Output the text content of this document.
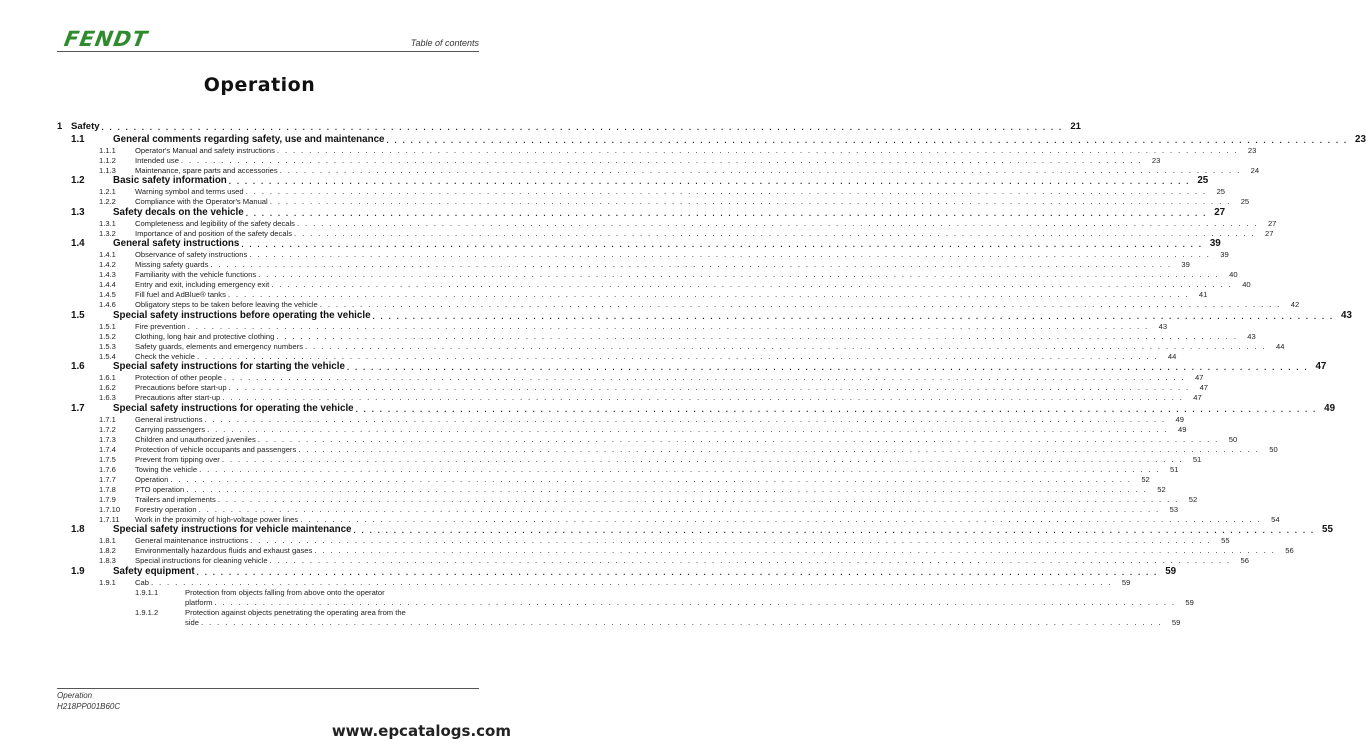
FENDT	Table of contents
Operation
1 Safety . . . . . . . . . . . . . . . . . . . . . . . . . . . . . . . . . . . . . . . . . . . . . . . . . . . . . . . . . . . . . . . . . . . . . . . . . . . . . . . . . . . . . . . . . . . . . . . . . . . . . . . . . . . . . . . . . . . . . . . . 21
1.1	General comments regarding safety, use and maintenance . . . . . . . . . . . . . . . . . . . . . . . . . . . . . . . . . . . . . . . . . . . . . . . . . . . . . . . . . . . . . . . . . . . . . . . . . . . . . . . . . . . . . . . . . . . . . . . . . . . . . . . . . . . . . . . . . . . . . . . . 23
1.1.1	Operator's Manual and safety instructions . . . . . . . . . . . . . . . . . . . . . . . . . . . . . . . . . . . . . . . . . . . . . . . . . . . . . . . . . . . . . . . . . . . . . . . . . . . . . . . . . . . . . . . . . . . . . . . . . . . . . . . . . . . . . . . . . . . . . . . .	23
1.1.2	Intended use . . . . . . . . . . . . . . . . . . . . . . . . . . . . . . . . . . . . . . . . . . . . . . . . . . . . . . . . . . . . . . . . . . . . . . . . . . . . . . . . . . . . . . . . . . . . . . . . . . . . . . . . . . . . . . . . . . . . . . . .	23
1.1.3	Maintenance, spare parts and accessories . . . . . . . . . . . . . . . . . . . . . . . . . . . . . . . . . . . . . . . . . . . . . . . . . . . . . . . . . . . . . . . . . . . . . . . . . . . . . . . . . . . . . . . . . . . . . . . . . . . . . . . . . . . . . . . . . . . . . . . .	24
1.2	Basic safety information . . . . . . . . . . . . . . . . . . . . . . . . . . . . . . . . . . . . . . . . . . . . . . . . . . . . . . . . . . . . . . . . . . . . . . . . . . . . . . . . . . . . . . . . . . . . . . . . . . . . . . . . . . . . . . . . . . . . . . . . 25
1.2.1	Warning symbol and terms used . . . . . . . . . . . . . . . . . . . . . . . . . . . . . . . . . . . . . . . . . . . . . . . . . . . . . . . . . . . . . . . . . . . . . . . . . . . . . . . . . . . . . . . . . . . . . . . . . . . . . . . . . . . . . . . . . . . . . . . .	25
1.2.2	Compliance with the Operator's Manual . . . . . . . . . . . . . . . . . . . . . . . . . . . . . . . . . . . . . . . . . . . . . . . . . . . . . . . . . . . . . . . . . . . . . . . . . . . . . . . . . . . . . . . . . . . . . . . . . . . . . . . . . . . . . . . . . . . . . . . .	25
1.3	Safety decals on the vehicle . . . . . . . . . . . . . . . . . . . . . . . . . . . . . . . . . . . . . . . . . . . . . . . . . . . . . . . . . . . . . . . . . . . . . . . . . . . . . . . . . . . . . . . . . . . . . . . . . . . . . . . . . . . . . . . . . . . . . . . . 27
1.3.1	Completeness and legibility of the safety decals . . . . . . . . . . . . . . . . . . . . . . . . . . . . . . . . . . . . . . . . . . . . . . . . . . . . . . . . . . . . . . . . . . . . . . . . . . . . . . . . . . . . . . . . . . . . . . . . . . . . . . . . . . . . . . . . . . . . . . . .	27
1.3.2	Importance of and position of the safety decals . . . . . . . . . . . . . . . . . . . . . . . . . . . . . . . . . . . . . . . . . . . . . . . . . . . . . . . . . . . . . . . . . . . . . . . . . . . . . . . . . . . . . . . . . . . . . . . . . . . . . . . . . . . . . . . . . . . . . . . .	27
1.4	General safety instructions . . . . . . . . . . . . . . . . . . . . . . . . . . . . . . . . . . . . . . . . . . . . . . . . . . . . . . . . . . . . . . . . . . . . . . . . . . . . . . . . . . . . . . . . . . . . . . . . . . . . . . . . . . . . . . . . . . . . . . . . 39
1.4.1	Observance of safety instructions . . . . . . . . . . . . . . . . . . . . . . . . . . . . . . . . . . . . . . . . . . . . . . . . . . . . . . . . . . . . . . . . . . . . . . . . . . . . . . . . . . . . . . . . . . . . . . . . . . . . . . . . . . . . . . . . . . . . . . . .	39
1.4.2	Missing safety guards . . . . . . . . . . . . . . . . . . . . . . . . . . . . . . . . . . . . . . . . . . . . . . . . . . . . . . . . . . . . . . . . . . . . . . . . . . . . . . . . . . . . . . . . . . . . . . . . . . . . . . . . . . . . . . . . . . . . . . . .	39
1.4.3	Familiarity with the vehicle functions . . . . . . . . . . . . . . . . . . . . . . . . . . . . . . . . . . . . . . . . . . . . . . . . . . . . . . . . . . . . . . . . . . . . . . . . . . . . . . . . . . . . . . . . . . . . . . . . . . . . . . . . . . . . . . . . . . . . . . . .	40
1.4.4	Entry and exit, including emergency exit . . . . . . . . . . . . . . . . . . . . . . . . . . . . . . . . . . . . . . . . . . . . . . . . . . . . . . . . . . . . . . . . . . . . . . . . . . . . . . . . . . . . . . . . . . . . . . . . . . . . . . . . . . . . . . . . . . . . . . . .	40
1.4.5	Fill fuel and AdBlue® tanks . . . . . . . . . . . . . . . . . . . . . . . . . . . . . . . . . . . . . . . . . . . . . . . . . . . . . . . . . . . . . . . . . . . . . . . . . . . . . . . . . . . . . . . . . . . . . . . . . . . . . . . . . . . . . . . . . . . . . . . .	41
1.4.6	Obligatory steps to be taken before leaving the vehicle . . . . . . . . . . . . . . . . . . . . . . . . . . . . . . . . . . . . . . . . . . . . . . . . . . . . . . . . . . . . . . . . . . . . . . . . . . . . . . . . . . . . . . . . . . . . . . . . . . . . . . . . . . . . . . . . . . . . . . . .	42
1.5	Special safety instructions before operating the vehicle . . . . . . . . . . . . . . . . . . . . . . . . . . . . . . . . . . . . . . . . . . . . . . . . . . . . . . . . . . . . . . . . . . . . . . . . . . . . . . . . . . . . . . . . . . . . . . . . . . . . . . . . . . . . . . . . . . . . . . . . 43
1.5.1	Fire prevention . . . . . . . . . . . . . . . . . . . . . . . . . . . . . . . . . . . . . . . . . . . . . . . . . . . . . . . . . . . . . . . . . . . . . . . . . . . . . . . . . . . . . . . . . . . . . . . . . . . . . . . . . . . . . . . . . . . . . . . .	43
1.5.2	Clothing, long hair and protective clothing . . . . . . . . . . . . . . . . . . . . . . . . . . . . . . . . . . . . . . . . . . . . . . . . . . . . . . . . . . . . . . . . . . . . . . . . . . . . . . . . . . . . . . . . . . . . . . . . . . . . . . . . . . . . . . . . . . . . . . . .	43
1.5.3	Safety guards, elements and emergency numbers . . . . . . . . . . . . . . . . . . . . . . . . . . . . . . . . . . . . . . . . . . . . . . . . . . . . . . . . . . . . . . . . . . . . . . . . . . . . . . . . . . . . . . . . . . . . . . . . . . . . . . . . . . . . . . . . . . . . . . . .	44
1.5.4	Check the vehicle . . . . . . . . . . . . . . . . . . . . . . . . . . . . . . . . . . . . . . . . . . . . . . . . . . . . . . . . . . . . . . . . . . . . . . . . . . . . . . . . . . . . . . . . . . . . . . . . . . . . . . . . . . . . . . . . . . . . . . . .	44
1.6	Special safety instructions for starting the vehicle . . . . . . . . . . . . . . . . . . . . . . . . . . . . . . . . . . . . . . . . . . . . . . . . . . . . . . . . . . . . . . . . . . . . . . . . . . . . . . . . . . . . . . . . . . . . . . . . . . . . . . . . . . . . . . . . . . . . . . . . 47
1.6.1	Protection of other people . . . . . . . . . . . . . . . . . . . . . . . . . . . . . . . . . . . . . . . . . . . . . . . . . . . . . . . . . . . . . . . . . . . . . . . . . . . . . . . . . . . . . . . . . . . . . . . . . . . . . . . . . . . . . . . . . . . . . . . .	47
1.6.2	Precautions before start-up . . . . . . . . . . . . . . . . . . . . . . . . . . . . . . . . . . . . . . . . . . . . . . . . . . . . . . . . . . . . . . . . . . . . . . . . . . . . . . . . . . . . . . . . . . . . . . . . . . . . . . . . . . . . . . . . . . . . . . . .	47
1.6.3	Precautions after start-up . . . . . . . . . . . . . . . . . . . . . . . . . . . . . . . . . . . . . . . . . . . . . . . . . . . . . . . . . . . . . . . . . . . . . . . . . . . . . . . . . . . . . . . . . . . . . . . . . . . . . . . . . . . . . . . . . . . . . . . .	47
1.7	Special safety instructions for operating the vehicle . . . . . . . . . . . . . . . . . . . . . . . . . . . . . . . . . . . . . . . . . . . . . . . . . . . . . . . . . . . . . . . . . . . . . . . . . . . . . . . . . . . . . . . . . . . . . . . . . . . . . . . . . . . . . . . . . . . . . . . . 49
1.7.1	General instructions . . . . . . . . . . . . . . . . . . . . . . . . . . . . . . . . . . . . . . . . . . . . . . . . . . . . . . . . . . . . . . . . . . . . . . . . . . . . . . . . . . . . . . . . . . . . . . . . . . . . . . . . . . . . . . . . . . . . . . . .	49
1.7.2	Carrying passengers . . . . . . . . . . . . . . . . . . . . . . . . . . . . . . . . . . . . . . . . . . . . . . . . . . . . . . . . . . . . . . . . . . . . . . . . . . . . . . . . . . . . . . . . . . . . . . . . . . . . . . . . . . . . . . . . . . . . . . . .	49
1.7.3	Children and unauthorized juveniles . . . . . . . . . . . . . . . . . . . . . . . . . . . . . . . . . . . . . . . . . . . . . . . . . . . . . . . . . . . . . . . . . . . . . . . . . . . . . . . . . . . . . . . . . . . . . . . . . . . . . . . . . . . . . . . . . . . . . . . .	50
1.7.4	Protection of vehicle occupants and passengers . . . . . . . . . . . . . . . . . . . . . . . . . . . . . . . . . . . . . . . . . . . . . . . . . . . . . . . . . . . . . . . . . . . . . . . . . . . . . . . . . . . . . . . . . . . . . . . . . . . . . . . . . . . . . . . . . . . . . . . .	50
1.7.5	Prevent from tipping over . . . . . . . . . . . . . . . . . . . . . . . . . . . . . . . . . . . . . . . . . . . . . . . . . . . . . . . . . . . . . . . . . . . . . . . . . . . . . . . . . . . . . . . . . . . . . . . . . . . . . . . . . . . . . . . . . . . . . . . .	51
1.7.6	Towing the vehicle . . . . . . . . . . . . . . . . . . . . . . . . . . . . . . . . . . . . . . . . . . . . . . . . . . . . . . . . . . . . . . . . . . . . . . . . . . . . . . . . . . . . . . . . . . . . . . . . . . . . . . . . . . . . . . . . . . . . . . . .	51
1.7.7	Operation . . . . . . . . . . . . . . . . . . . . . . . . . . . . . . . . . . . . . . . . . . . . . . . . . . . . . . . . . . . . . . . . . . . . . . . . . . . . . . . . . . . . . . . . . . . . . . . . . . . . . . . . . . . . . . . . . . . . . . . .	52
1.7.8	PTO operation . . . . . . . . . . . . . . . . . . . . . . . . . . . . . . . . . . . . . . . . . . . . . . . . . . . . . . . . . . . . . . . . . . . . . . . . . . . . . . . . . . . . . . . . . . . . . . . . . . . . . . . . . . . . . . . . . . . . . . . .	52
1.7.9	Trailers and implements . . . . . . . . . . . . . . . . . . . . . . . . . . . . . . . . . . . . . . . . . . . . . . . . . . . . . . . . . . . . . . . . . . . . . . . . . . . . . . . . . . . . . . . . . . . . . . . . . . . . . . . . . . . . . . . . . . . . . . . .	52
1.7.10	Forestry operation . . . . . . . . . . . . . . . . . . . . . . . . . . . . . . . . . . . . . . . . . . . . . . . . . . . . . . . . . . . . . . . . . . . . . . . . . . . . . . . . . . . . . . . . . . . . . . . . . . . . . . . . . . . . . . . . . . . . . . . .	53
1.7.11	Work in the proximity of high-voltage power lines . . . . . . . . . . . . . . . . . . . . . . . . . . . . . . . . . . . . . . . . . . . . . . . . . . . . . . . . . . . . . . . . . . . . . . . . . . . . . . . . . . . . . . . . . . . . . . . . . . . . . . . . . . . . . . . . . . . . . . . .	54
1.8	Special safety instructions for vehicle maintenance . . . . . . . . . . . . . . . . . . . . . . . . . . . . . . . . . . . . . . . . . . . . . . . . . . . . . . . . . . . . . . . . . . . . . . . . . . . . . . . . . . . . . . . . . . . . . . . . . . . . . . . . . . . . . . . . . . . . . . . . 55
1.8.1	General maintenance instructions . . . . . . . . . . . . . . . . . . . . . . . . . . . . . . . . . . . . . . . . . . . . . . . . . . . . . . . . . . . . . . . . . . . . . . . . . . . . . . . . . . . . . . . . . . . . . . . . . . . . . . . . . . . . . . . . . . . . . . . .	55
1.8.2	Environmentally hazardous fluids and exhaust gases . . . . . . . . . . . . . . . . . . . . . . . . . . . . . . . . . . . . . . . . . . . . . . . . . . . . . . . . . . . . . . . . . . . . . . . . . . . . . . . . . . . . . . . . . . . . . . . . . . . . . . . . . . . . . . . . . . . . . . . .	56
1.8.3	Special instructions for cleaning vehicle . . . . . . . . . . . . . . . . . . . . . . . . . . . . . . . . . . . . . . . . . . . . . . . . . . . . . . . . . . . . . . . . . . . . . . . . . . . . . . . . . . . . . . . . . . . . . . . . . . . . . . . . . . . . . . . . . . . . . . . .	56
1.9	Safety equipment . . . . . . . . . . . . . . . . . . . . . . . . . . . . . . . . . . . . . . . . . . . . . . . . . . . . . . . . . . . . . . . . . . . . . . . . . . . . . . . . . . . . . . . . . . . . . . . . . . . . . . . . . . . . . . . . . . . . . . . . 59
1.9.1	Cab . . . . . . . . . . . . . . . . . . . . . . . . . . . . . . . . . . . . . . . . . . . . . . . . . . . . . . . . . . . . . . . . . . . . . . . . . . . . . . . . . . . . . . . . . . . . . . . . . . . . . . . . . . . . . . . . . . . . . . . .	59
1.9.1.1	Protection from objects falling from above onto the operator
platform . . . . . . . . . . . . . . . . . . . . . . . . . . . . . . . . . . . . . . . . . . . . . . . . . . . . . . . . . . . . . . . . . . . . . . . . . . . . . . . . . . . . . . . . . . . . . . . . . . . . . . . . . . . . . . . . . . . . . . . .	59
1.9.1.2	Protection against objects penetrating the operating area from the
side . . . . . . . . . . . . . . . . . . . . . . . . . . . . . . . . . . . . . . . . . . . . . . . . . . . . . . . . . . . . . . . . . . . . . . . . . . . . . . . . . . . . . . . . . . . . . . . . . . . . . . . . . . . . . . . . . . . . . . . .	59
Operation
H218PP001B60C
www.epcatalogs.com
